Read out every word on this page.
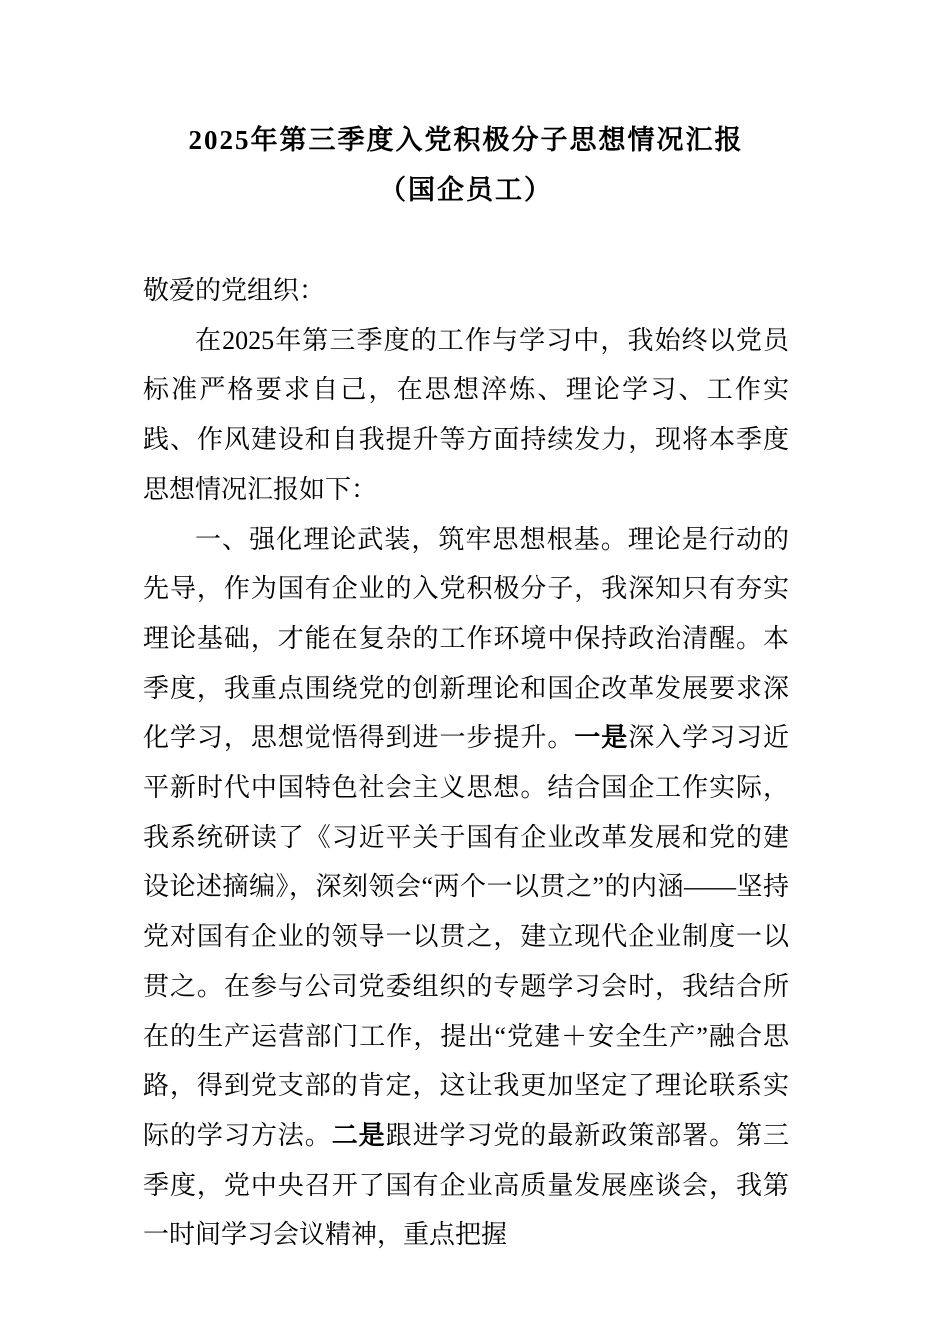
2025年第三季度入党积极分子思想情况汇报
（国企员工）

敬爱的党组织：

在2025年第三季度的工作与学习中，我始终以党员标准严格要求自己，在思想淬炼、理论学习、工作实践、作风建设和自我提升等方面持续发力，现将本季度思想情况汇报如下：

一、强化理论武装，筑牢思想根基。理论是行动的先导，作为国有企业的入党积极分子，我深知只有夯实理论基础，才能在复杂的工作环境中保持政治清醒。本季度，我重点围绕党的创新理论和国企改革发展要求深化学习，思想觉悟得到进一步提升。一是深入学习习近平新时代中国特色社会主义思想。结合国企工作实际，我系统研读了《习近平关于国有企业改革发展和党的建设论述摘编》，深刻领会“两个一以贯之”的内涵——坚持党对国有企业的领导一以贯之，建立现代企业制度一以贯之。在参与公司党委组织的专题学习会时，我结合所在的生产运营部门工作，提出“党建＋安全生产”融合思路，得到党支部的肯定，这让我更加坚定了理论联系实际的学习方法。二是跟进学习党的最新政策部署。第三季度，党中央召开了国有企业高质量发展座谈会，我第一时间学习会议精神，重点把握
